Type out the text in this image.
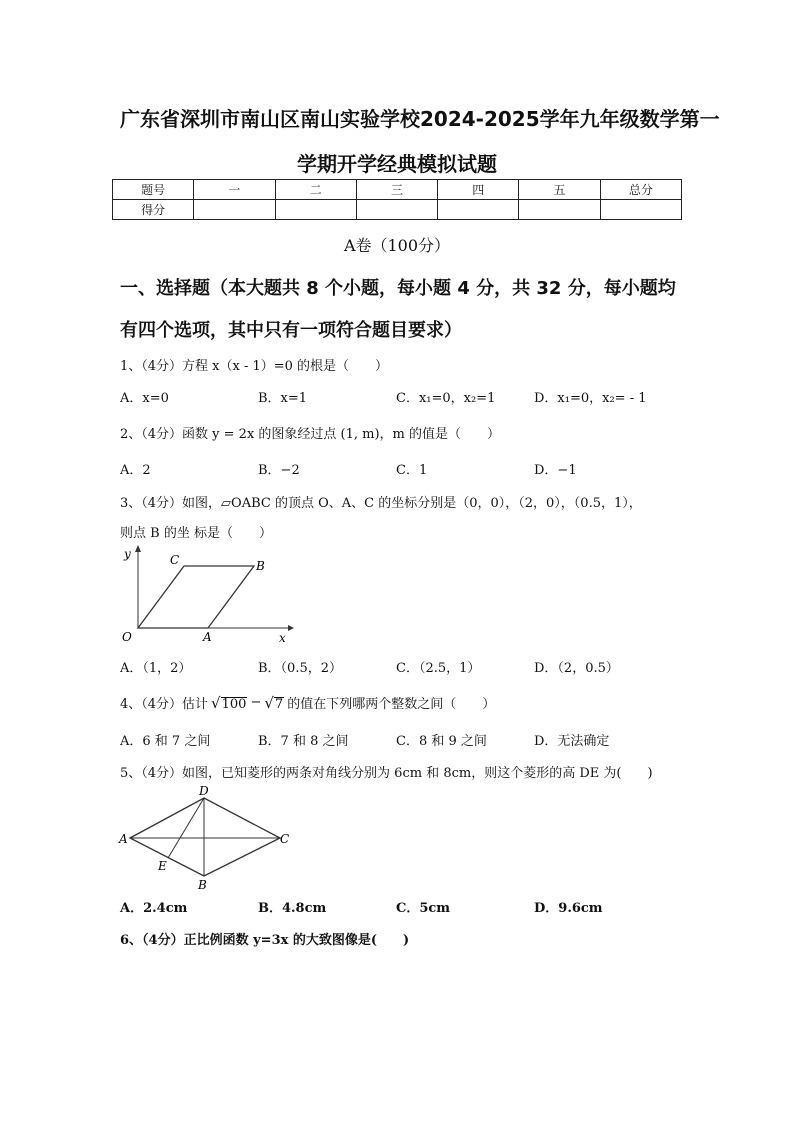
广东省深圳市南山区南山实验学校2024-2025学年九年级数学第一
学期开学经典模拟试题
题号	一	二	三	四	五	总分
得分						
A卷（100分）
一、选择题（本大题共 8 个小题，每小题 4 分，共 32 分，每小题均
有四个选项，其中只有一项符合题目要求）
1、（4分）方程 x（x - 1）=0 的根是（　　）
A．x=0	B．x=1	C．x₁=0，x₂=1	D．x₁=0，x₂= - 1
2、（4分）函数 y = 2x 的图象经过点 (1, m)，m 的值是（　　）
A．2	B．−2	C．1	D．−1
3、（4分）如图，▱OABC 的顶点 O、A、C 的坐标分别是（0，0），（2，0），（0.5，1），
则点 B 的坐 标是（　　）
y
x
O	A
B
C
A．（1，2）	B．（0.5，2）	C．（2.5，1）	D．（2，0.5）
4、（4分）估计 √ 100 − √ 7 的值在下列哪两个整数之间（　　）
A．6 和 7 之间	B．7 和 8 之间	C．8 和 9 之间	D．无法确定
5、（4分）如图，已知菱形的两条对角线分别为 6cm 和 8cm，则这个菱形的高 DE 为(　　)
A
B
C
D
E
A．2.4cm	B．4.8cm	C．5cm	D．9.6cm
6、（4分）正比例函数 y=3x 的大致图像是(　　)
